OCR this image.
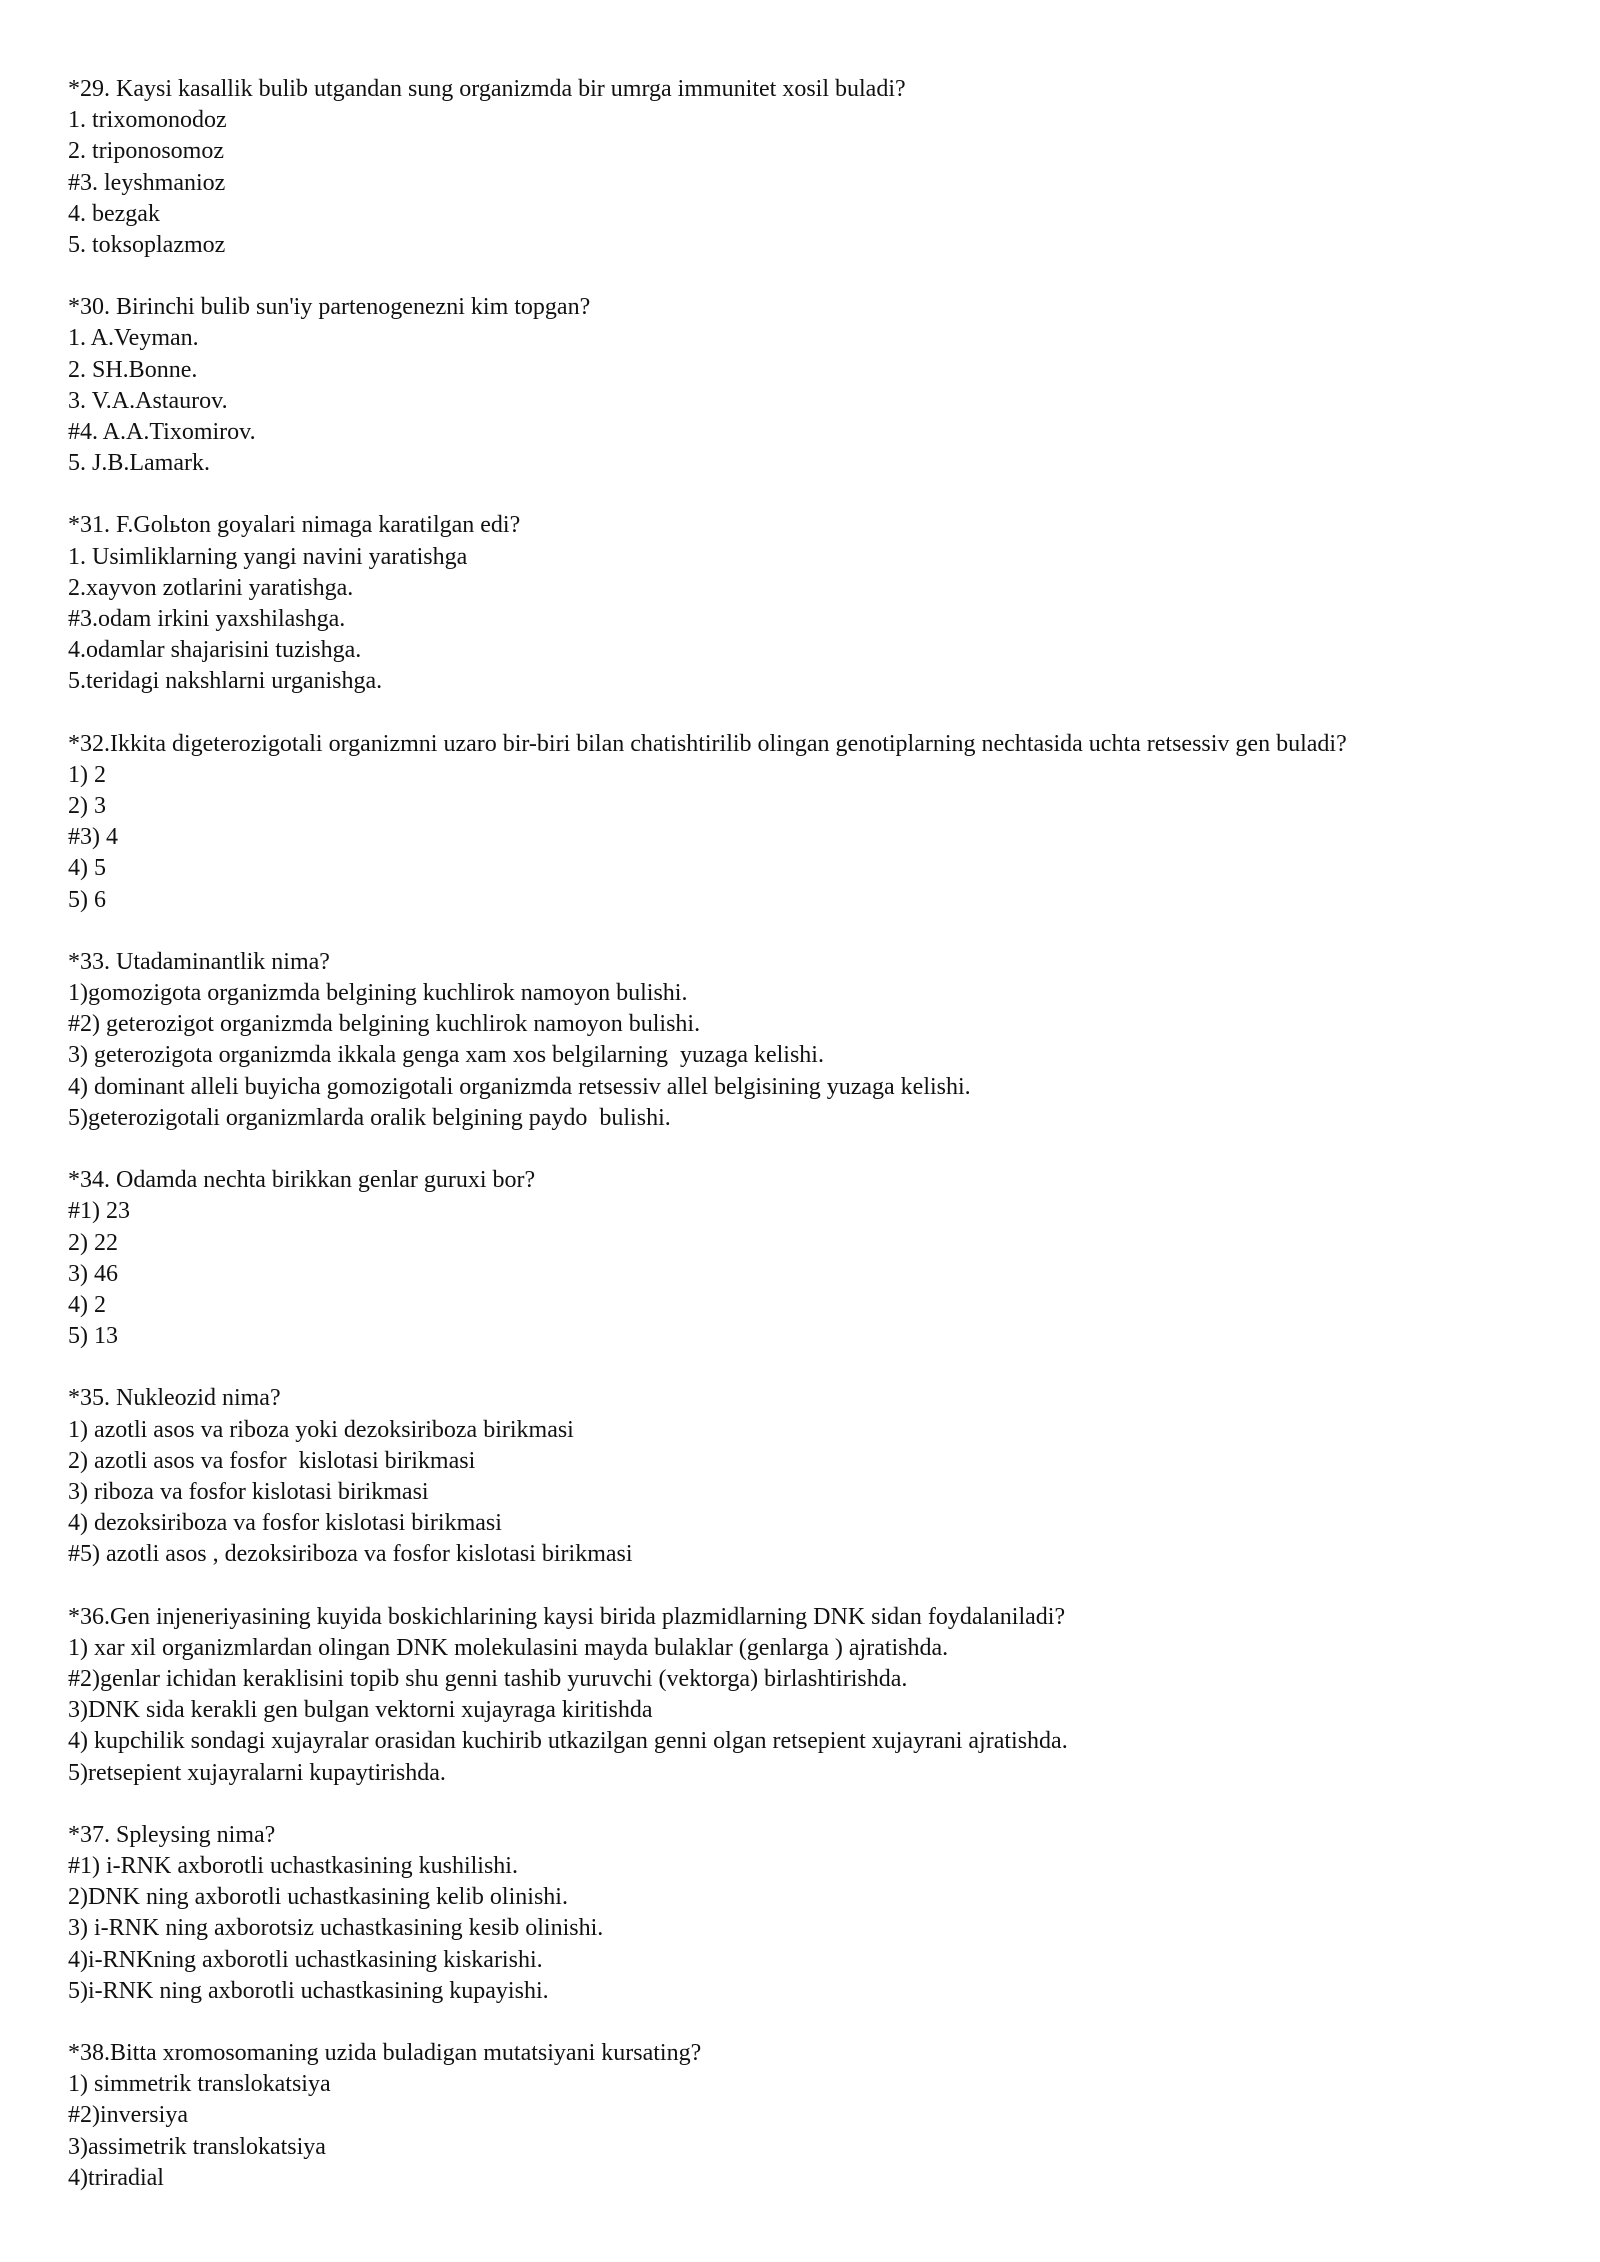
*29. Kaysi kasallik bulib utgandan sung organizmda bir umrga immunitet xosil buladi?

1. trixomonodoz

2. triponosomoz

#3. leyshmanioz

4. bezgak

5. toksoplazmoz

*30. Birinchi bulib sun'iy partenogenezni kim topgan?

1. A.Veyman.

2. SH.Bonne.

3. V.A.Astaurov.

#4. A.A.Tixomirov.

5. J.B.Lamark.

*31. F.Golьton goyalari nimaga karatilgan edi?

1. Usimliklarning yangi navini yaratishga

2.xayvon zotlarini yaratishga.

#3.odam irkini yaxshilashga.

4.odamlar shajarisini tuzishga.

5.teridagi nakshlarni urganishga.

*32.Ikkita digeterozigotali organizmni uzaro bir-biri bilan chatishtirilib olingan genotiplarning nechtasida uchta retsessiv gen buladi?

1) 2

2) 3

#3) 4

4) 5

5) 6

*33. Utadaminantlik nima?

1)gomozigota organizmda belgining kuchlirok namoyon bulishi.

#2) geterozigot organizmda belgining kuchlirok namoyon bulishi.

3) geterozigota organizmda ikkala genga xam xos belgilarning  yuzaga kelishi.

4) dominant alleli buyicha gomozigotali organizmda retsessiv allel belgisining yuzaga kelishi.

5)geterozigotali organizmlarda oralik belgining paydo  bulishi.

*34. Odamda nechta birikkan genlar guruxi bor?

#1) 23

2) 22

3) 46

4) 2

5) 13

*35. Nukleozid nima?

1) azotli asos va riboza yoki dezoksiriboza birikmasi

2) azotli asos va fosfor  kislotasi birikmasi

3) riboza va fosfor kislotasi birikmasi

4) dezoksiriboza va fosfor kislotasi birikmasi

#5) azotli asos , dezoksiriboza va fosfor kislotasi birikmasi

*36.Gen injeneriyasining kuyida boskichlarining kaysi birida plazmidlarning DNK sidan foydalaniladi?

1) xar xil organizmlardan olingan DNK molekulasini mayda bulaklar (genlarga ) ajratishda.

#2)genlar ichidan keraklisini topib shu genni tashib yuruvchi (vektorga) birlashtirishda.

3)DNK sida kerakli gen bulgan vektorni xujayraga kiritishda

4) kupchilik sondagi xujayralar orasidan kuchirib utkazilgan genni olgan retsepient xujayrani ajratishda.

5)retsepient xujayralarni kupaytirishda.

*37. Spleysing nima?

#1) i-RNK axborotli uchastkasining kushilishi.

2)DNK ning axborotli uchastkasining kelib olinishi.

3) i-RNK ning axborotsiz uchastkasining kesib olinishi.

4)i-RNKning axborotli uchastkasining kiskarishi.

5)i-RNK ning axborotli uchastkasining kupayishi.

*38.Bitta xromosomaning uzida buladigan mutatsiyani kursating?

1) simmetrik translokatsiya

#2)inversiya

3)assimetrik translokatsiya

4)triradial
